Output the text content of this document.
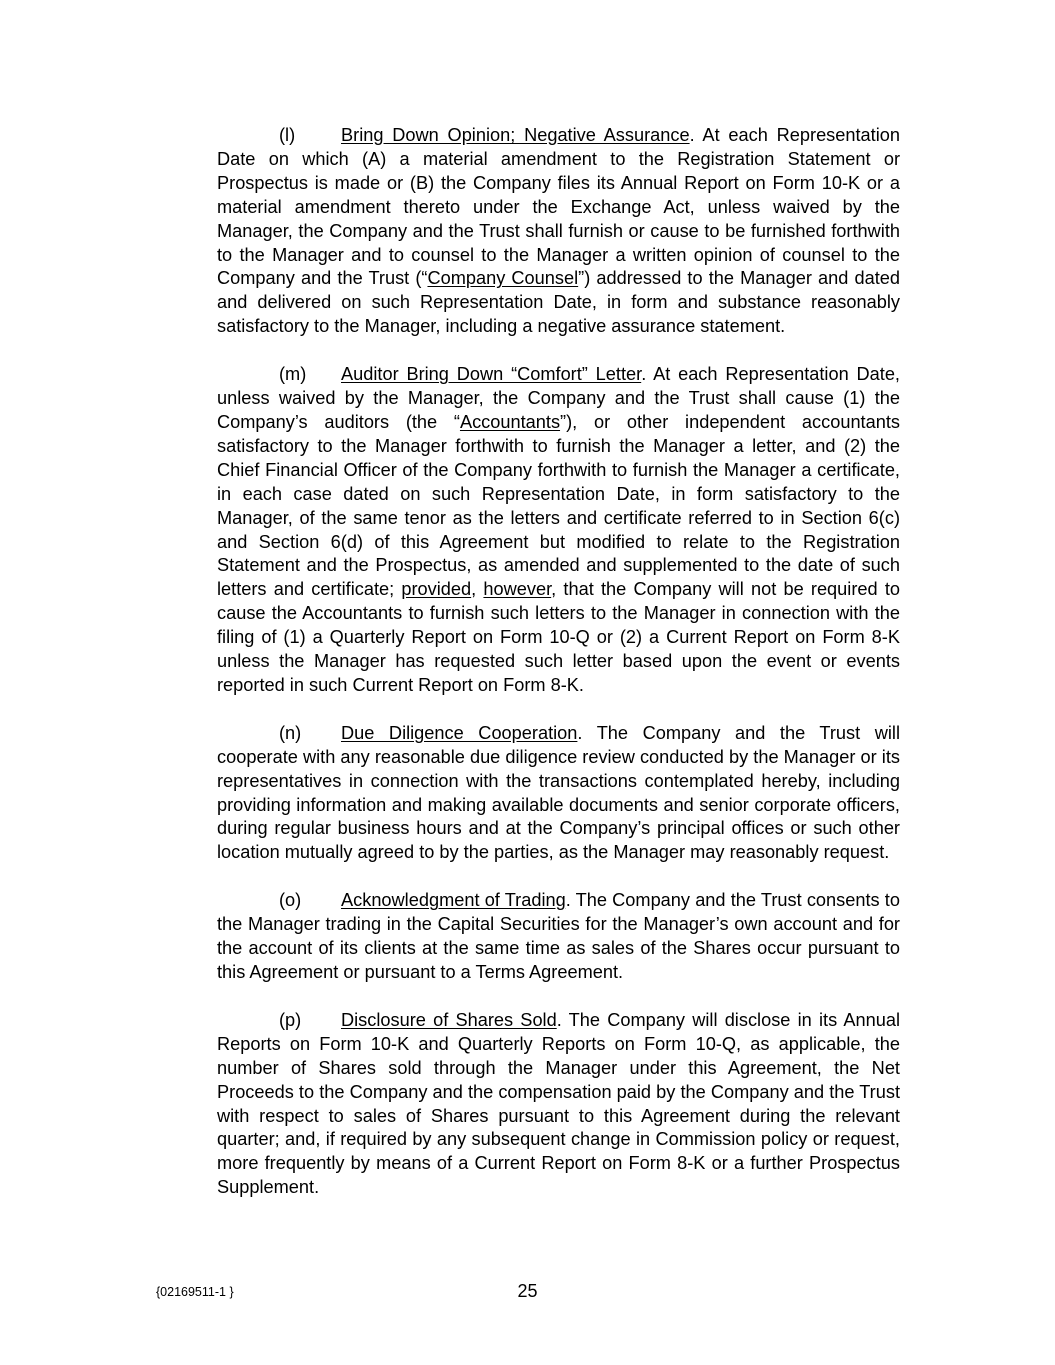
(l)	Bring Down Opinion; Negative Assurance. At each Representation Date on which (A) a material amendment to the Registration Statement or Prospectus is made or (B) the Company files its Annual Report on Form 10-K or a material amendment thereto under the Exchange Act, unless waived by the Manager, the Company and the Trust shall furnish or cause to be furnished forthwith to the Manager and to counsel to the Manager a written opinion of counsel to the Company and the Trust (“Company Counsel”) addressed to the Manager and dated and delivered on such Representation Date, in form and substance reasonably satisfactory to the Manager, including a negative assurance statement.

(m) Auditor Bring Down “Comfort” Letter. At each Representation Date, unless waived by the Manager, the Company and the Trust shall cause (1) the Company’s auditors (the “Accountants”), or other independent accountants satisfactory to the Manager forthwith to furnish the Manager a letter, and (2) the Chief Financial Officer of the Company forthwith to furnish the Manager a certificate, in each case dated on such Representation Date, in form satisfactory to the Manager, of the same tenor as the letters and certificate referred to in Section 6(c) and Section 6(d) of this Agreement but modified to relate to the Registration Statement and the Prospectus, as amended and supplemented to the date of such letters and certificate; provided, however, that the Company will not be required to cause the Accountants to furnish such letters to the Manager in connection with the filing of (1) a Quarterly Report on Form 10-Q or (2) a Current Report on Form 8-K unless the Manager has requested such letter based upon the event or events reported in such Current Report on Form 8-K.

(n) Due Diligence Cooperation. The Company and the Trust will cooperate with any reasonable due diligence review conducted by the Manager or its representatives in connection with the transactions contemplated hereby, including providing information and making available documents and senior corporate officers, during regular business hours and at the Company’s principal offices or such other location mutually agreed to by the parties, as the Manager may reasonably request.

(o) Acknowledgment of Trading. The Company and the Trust consents to the Manager trading in the Capital Securities for the Manager’s own account and for the account of its clients at the same time as sales of the Shares occur pursuant to this Agreement or pursuant to a Terms Agreement.

(p) Disclosure of Shares Sold. The Company will disclose in its Annual Reports on Form 10-K and Quarterly Reports on Form 10-Q, as applicable, the number of Shares sold through the Manager under this Agreement, the Net Proceeds to the Company and the compensation paid by the Company and the Trust with respect to sales of Shares pursuant to this Agreement during the relevant quarter; and, if required by any subsequent change in Commission policy or request, more frequently by means of a Current Report on Form 8-K or a further Prospectus Supplement.

{02169511-1 }	25
